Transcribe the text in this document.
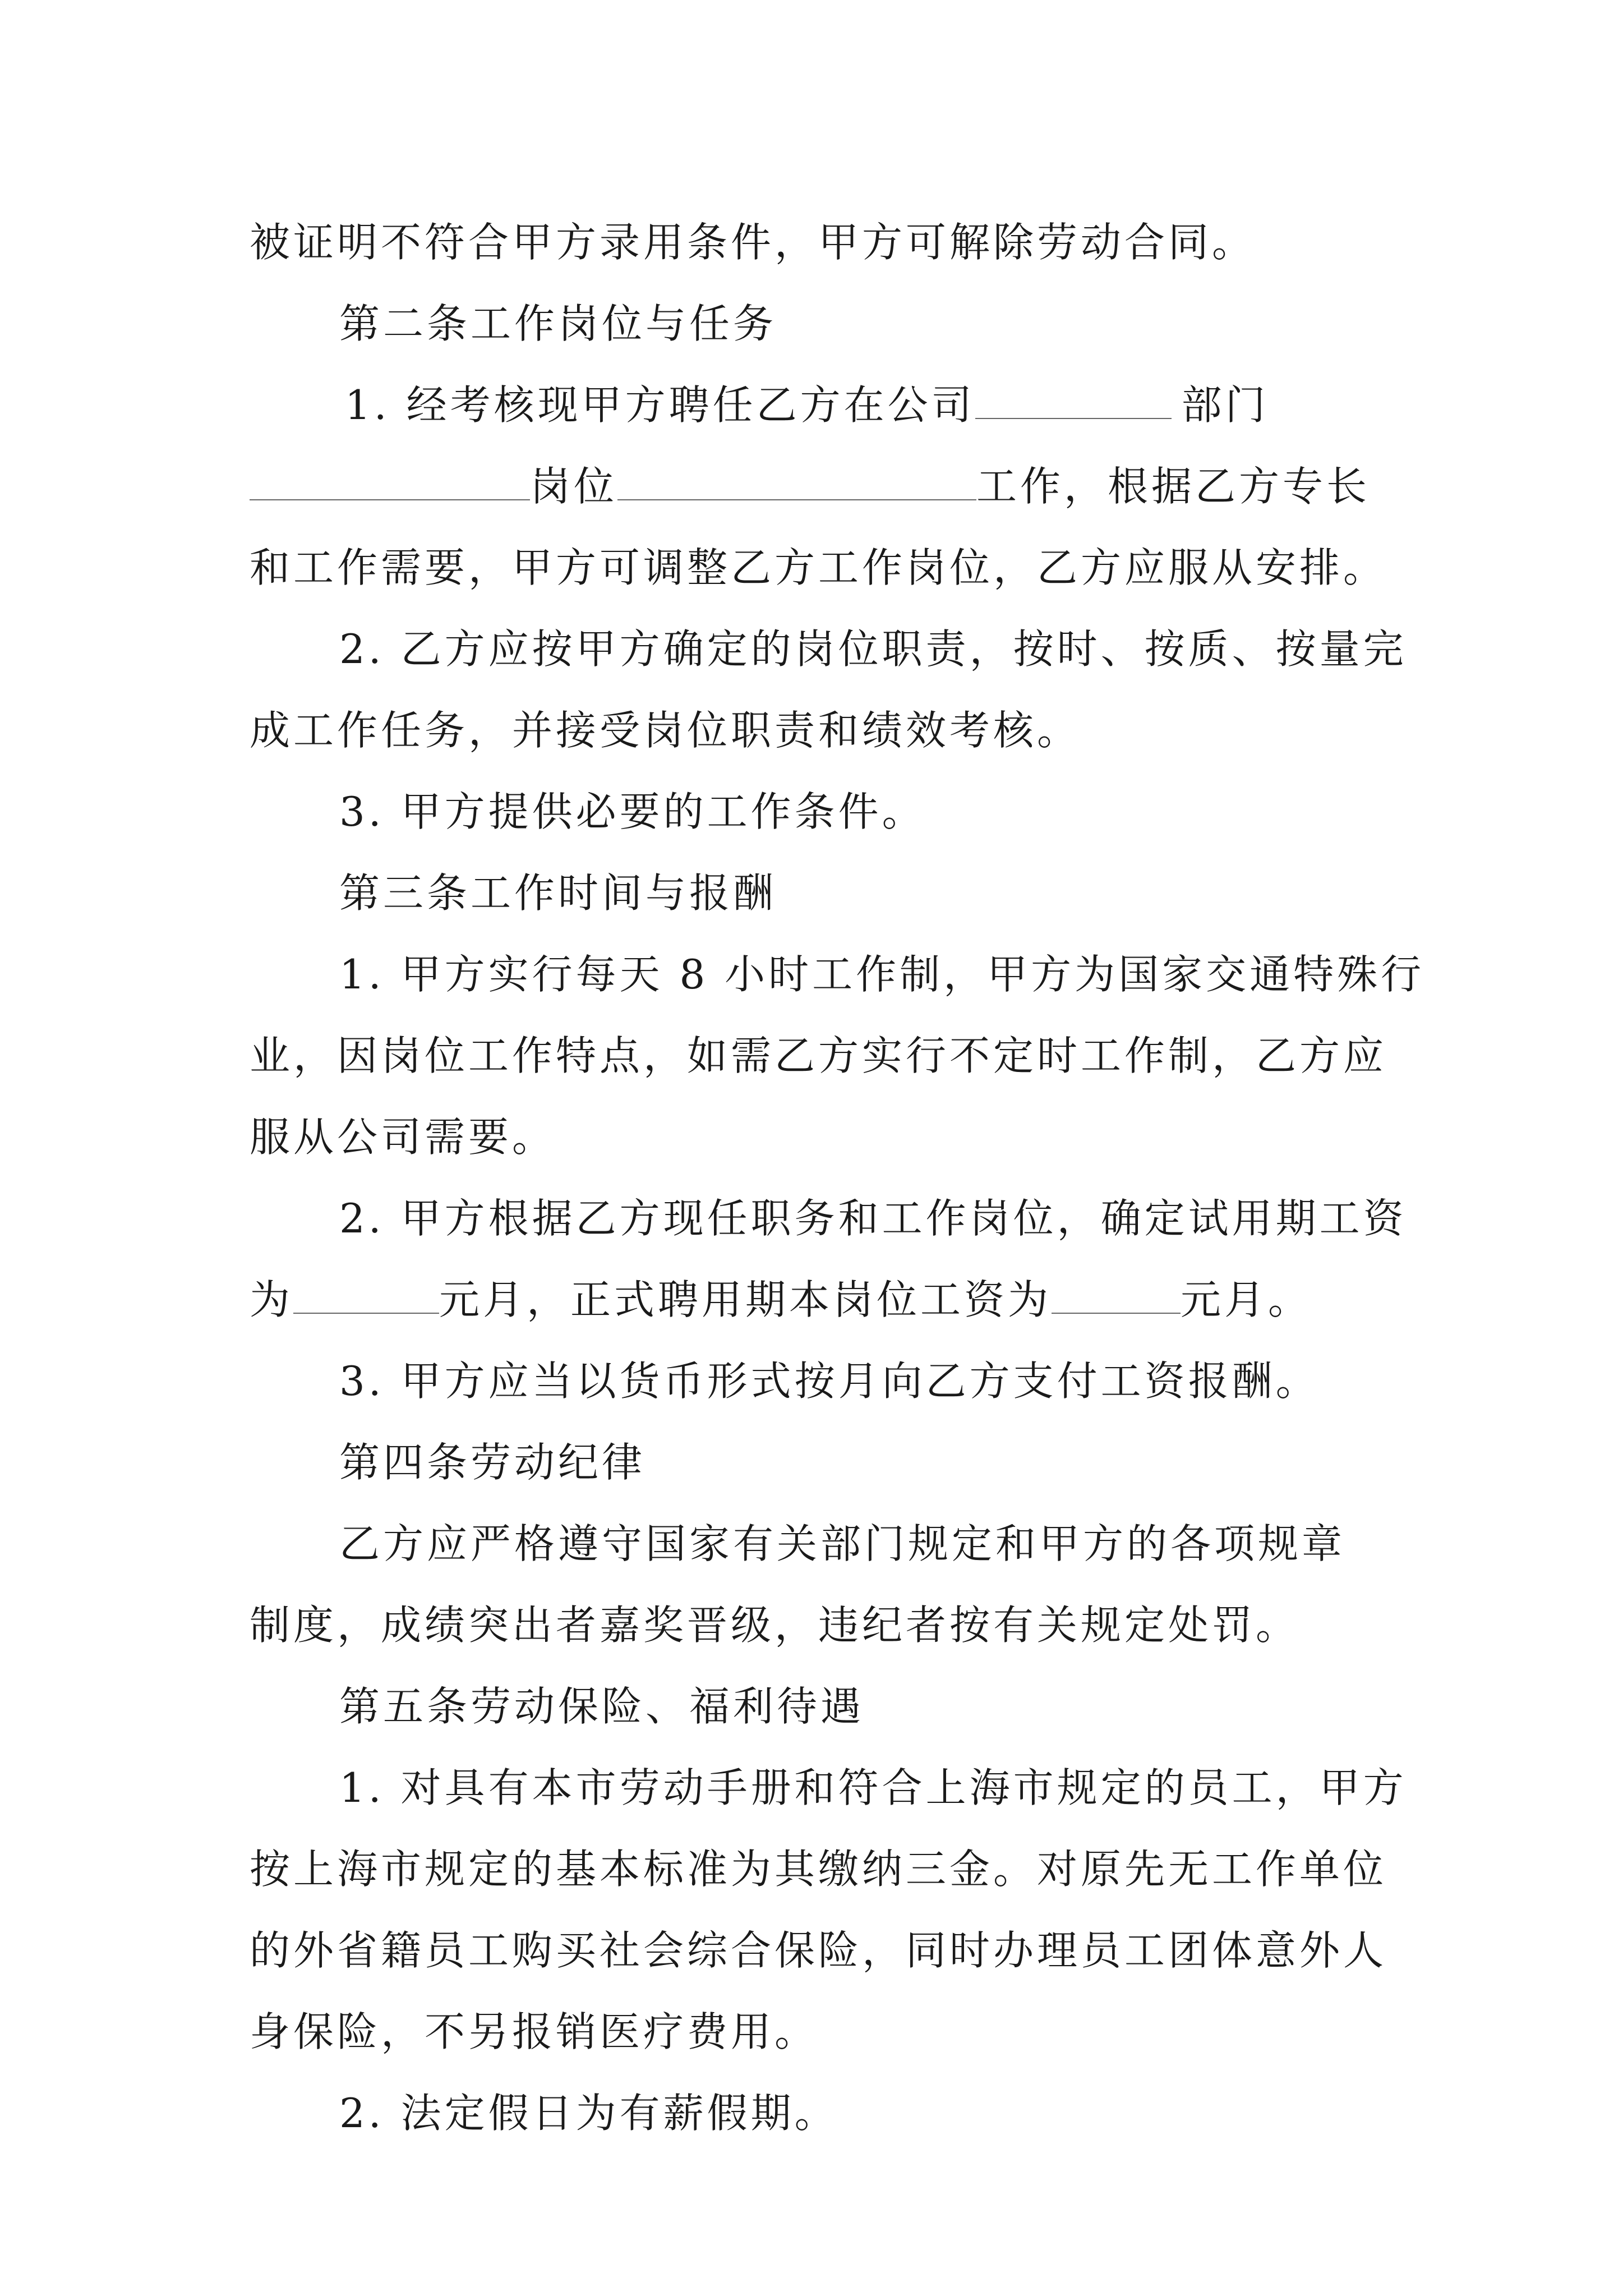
被证明不符合甲方录用条件，甲方可解除劳动合同。
第二条工作岗位与任务
1. 经考核现甲方聘任乙方在公司	部门
岗位	工作，根据乙方专长
和工作需要，甲方可调整乙方工作岗位，乙方应服从安排。
2. 乙方应按甲方确定的岗位职责，按时、按质、按量完
成工作任务，并接受岗位职责和绩效考核。
3. 甲方提供必要的工作条件。
第三条工作时间与报酬
1. 甲方实行每天 8 小时工作制，甲方为国家交通特殊行
业，因岗位工作特点，如需乙方实行不定时工作制，乙方应
服从公司需要。
2. 甲方根据乙方现任职务和工作岗位，确定试用期工资
为	元月，正式聘用期本岗位工资为	元月。
3. 甲方应当以货币形式按月向乙方支付工资报酬。
第四条劳动纪律
乙方应严格遵守国家有关部门规定和甲方的各项规章
制度，成绩突出者嘉奖晋级，违纪者按有关规定处罚。
第五条劳动保险、福利待遇
1. 对具有本市劳动手册和符合上海市规定的员工，甲方
按上海市规定的基本标准为其缴纳三金。对原先无工作单位
的外省籍员工购买社会综合保险，同时办理员工团体意外人
身保险，不另报销医疗费用。
2. 法定假日为有薪假期。
